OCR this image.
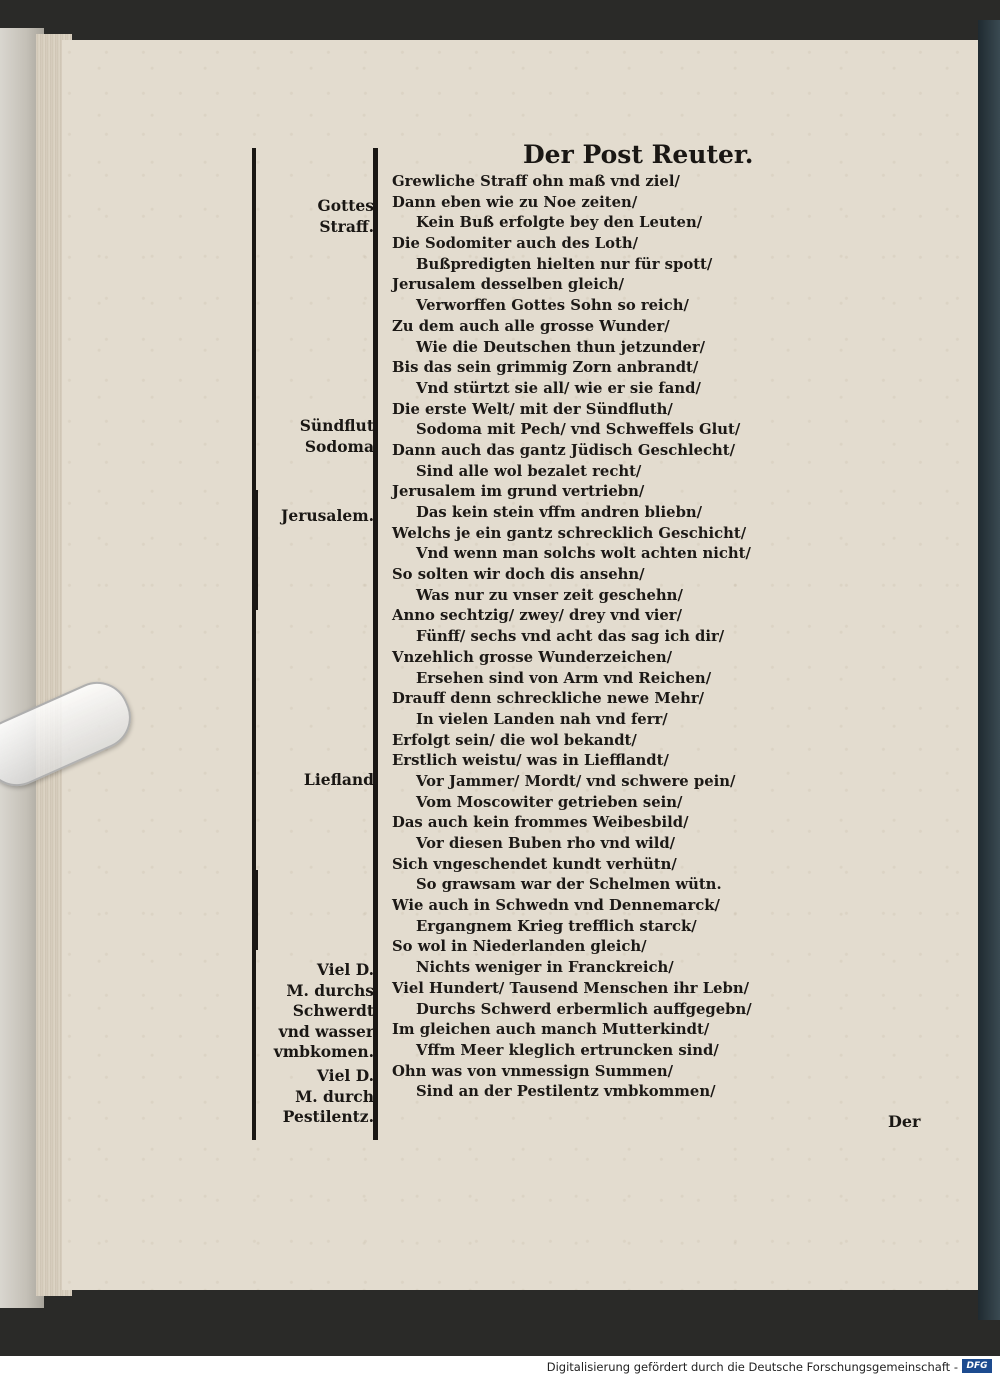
Der Post Reuter.
Gottes
Straff.
Sündflut
Sodoma
Jerusalem.
Liefland
Viel D.
M. durchs
Schwerdt
vnd wasser
vmbkomen.
Viel D.
M. durch
Pestilentz.
Grewliche Straff ohn maß vnd ziel/
Dann eben wie zu Noe zeiten/
Kein Buß erfolgte bey den Leuten/
Die Sodomiter auch des Loth/
Bußpredigten hielten nur für spott/
Jerusalem desselben gleich/
Verworffen Gottes Sohn so reich/
Zu dem auch alle grosse Wunder/
Wie die Deutschen thun jetzunder/
Bis das sein grimmig Zorn anbrandt/
Vnd stürtzt sie all/ wie er sie fand/
Die erste Welt/ mit der Sündfluth/
Sodoma mit Pech/ vnd Schweffels Glut/
Dann auch das gantz Jüdisch Geschlecht/
Sind alle wol bezalet recht/
Jerusalem im grund vertriebn/
Das kein stein vffm andren bliebn/
Welchs je ein gantz schrecklich Geschicht/
Vnd wenn man solchs wolt achten nicht/
So solten wir doch dis ansehn/
Was nur zu vnser zeit geschehn/
Anno sechtzig/ zwey/ drey vnd vier/
Fünff/ sechs vnd acht das sag ich dir/
Vnzehlich grosse Wunderzeichen/
Ersehen sind von Arm vnd Reichen/
Drauff denn schreckliche newe Mehr/
In vielen Landen nah vnd ferr/
Erfolgt sein/ die wol bekandt/
Erstlich weistu/ was in Liefflandt/
Vor Jammer/ Mordt/ vnd schwere pein/
Vom Moscowiter getrieben sein/
Das auch kein frommes Weibesbild/
Vor diesen Buben rho vnd wild/
Sich vngeschendet kundt verhütn/
So grawsam war der Schelmen wütn.
Wie auch in Schwedn vnd Dennemarck/
Ergangnem Krieg trefflich starck/
So wol in Niederlanden gleich/
Nichts weniger in Franckreich/
Viel Hundert/ Tausend Menschen ihr Lebn/
Durchs Schwerd erbermlich auffgegebn/
Im gleichen auch manch Mutterkindt/
Vffm Meer kleglich ertruncken sind/
Ohn was von vnmessign Summen/
Sind an der Pestilentz vmbkommen/
Der
Digitalisierung gefördert durch die Deutsche Forschungsgemeinschaft - DFG
